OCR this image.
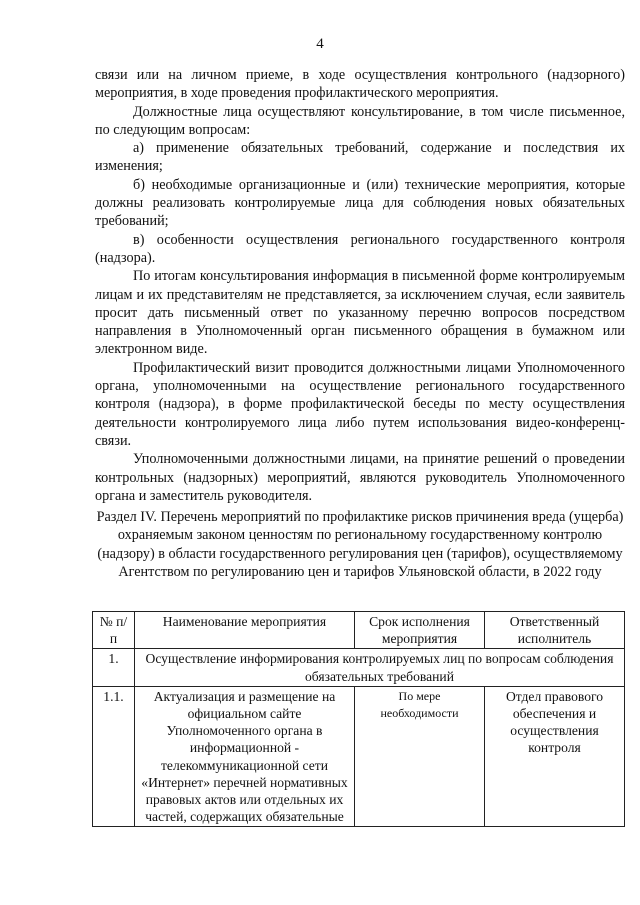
4

связи или на личном приеме, в ходе осуществления контрольного (надзорного) мероприятия, в ходе проведения профилактического мероприятия.

Должностные лица осуществляют консультирование, в том числе письменное, по следующим вопросам:

а) применение обязательных требований, содержание и последствия их изменения;

б) необходимые организационные и (или) технические мероприятия, которые должны реализовать контролируемые лица для соблюдения новых обязательных требований;

в) особенности осуществления регионального государственного контроля (надзора).

По итогам консультирования информация в письменной форме контролируемым лицам и их представителям не представляется, за исключением случая, если заявитель просит дать письменный ответ по указанному перечню вопросов посредством направления в Уполномоченный орган письменного обращения в бумажном или электронном виде.

Профилактический визит проводится должностными лицами Уполномоченного органа, уполномоченными на осуществление регионального государственного контроля (надзора), в форме профилактической беседы по месту осуществления деятельности контролируемого лица либо путем использования видео-конференц-связи.

Уполномоченными должностными лицами, на принятие решений о проведении контрольных (надзорных) мероприятий, являются руководитель Уполномоченного органа и заместитель руководителя.

Раздел IV. Перечень мероприятий по профилактике рисков причинения вреда (ущерба) охраняемым законом ценностям по региональному государственному контролю (надзору) в области государственного регулирования цен (тарифов), осуществляемому Агентством по регулированию цен и тарифов Ульяновской области, в 2022 году
№ п/п	Наименование мероприятия	Срок исполнения мероприятия	Ответственный исполнитель
1.	Осуществление информирования контролируемых лиц по вопросам соблюдения обязательных требований		
1.1.	Актуализация и размещение на официальном сайте Уполномоченного органа в информационной - телекоммуникационной сети «Интернет» перечней нормативных правовых актов или отдельных их частей, содержащих обязательные	По мере необходимости	Отдел правового обеспечения и осуществления контроля
